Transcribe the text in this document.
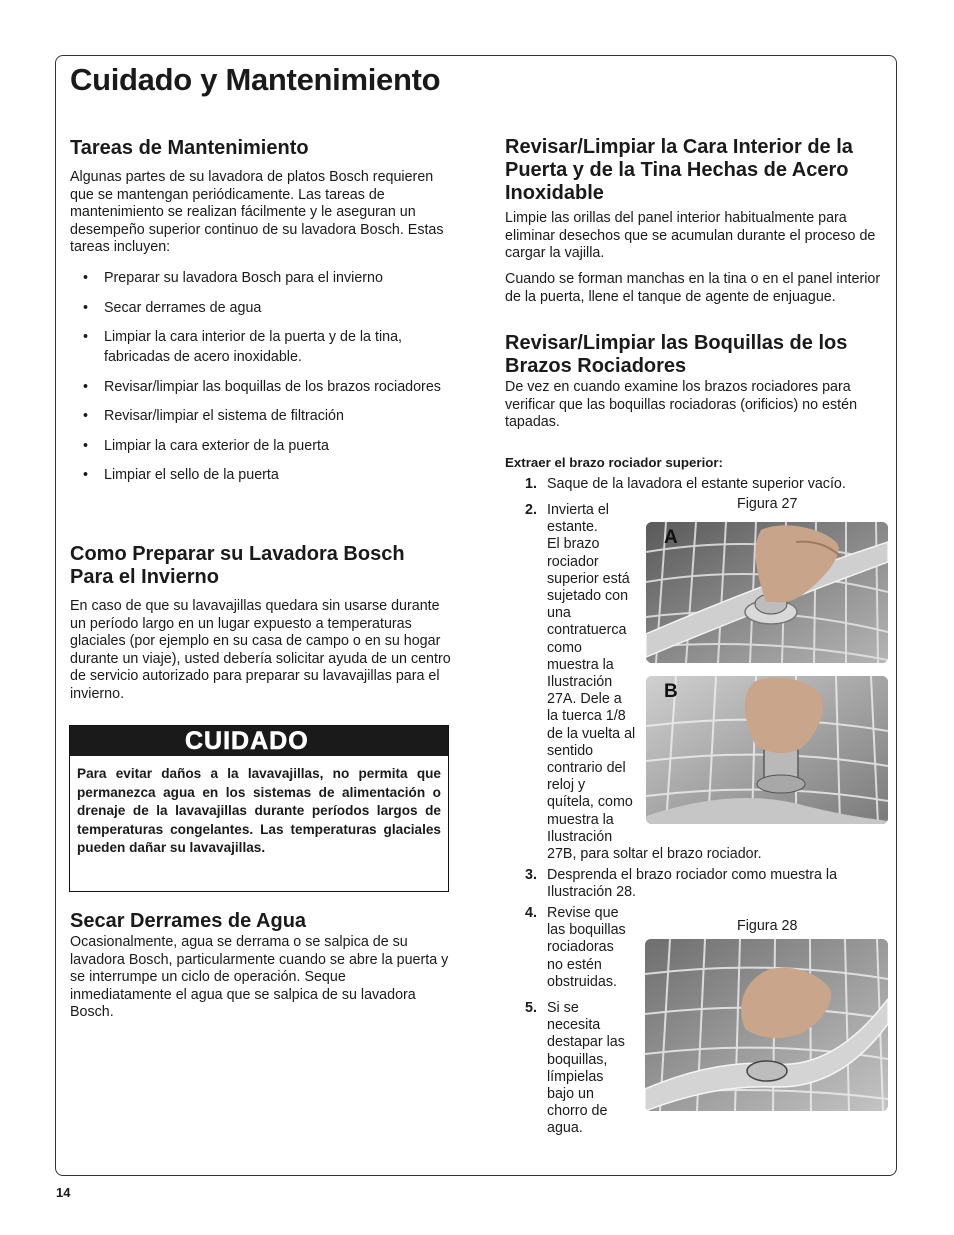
Cuidado y Mantenimiento
Tareas de Mantenimiento

Algunas partes de su lavadora de platos Bosch requieren que se mantengan periódicamente. Las tareas de mantenimiento se realizan fácilmente y le aseguran un desempeño superior continuo de su lavadora Bosch. Estas tareas incluyen:

• Preparar su lavadora Bosch para el invierno
• Secar derrames de agua
• Limpiar la cara interior de la puerta y de la tina, fabricadas de acero inoxidable.
• Revisar/limpiar las boquillas de los brazos rociadores
• Revisar/limpiar el sistema de filtración
• Limpiar la cara exterior de la puerta
• Limpiar el sello de la puerta
Como Preparar su Lavadora Bosch Para el Invierno

En caso de que su lavavajillas quedara sin usarse durante un período largo en un lugar expuesto a temperaturas glaciales (por ejemplo en su casa de campo o en su hogar durante un viaje), usted debería solicitar ayuda de un centro de servicio autorizado para preparar su lavavajillas para el invierno.

CUIDADO
Para evitar daños a la lavavajillas, no permita que permanezca agua en los sistemas de alimentación o drenaje de la lavavajillas durante períodos largos de temperaturas congelantes. Las temperaturas glaciales pueden dañar su lavavajillas.
Secar Derrames de Agua

Ocasionalmente, agua se derrama o se salpica de su lavadora Bosch, particularmente cuando se abre la puerta y se interrumpe un ciclo de operación. Seque inmediatamente el agua que se salpica de su lavadora Bosch.

Revisar/Limpiar la Cara Interior de la Puerta y de la Tina Hechas de Acero Inoxidable

Limpie las orillas del panel interior habitualmente para eliminar desechos que se acumulan durante el proceso de cargar la vajilla.

Cuando se forman manchas en la tina o en el panel interior de la puerta, llene el tanque de agente de enjuague.

Revisar/Limpiar las Boquillas de los Brazos Rociadores

De vez en cuando examine los brazos rociadores para verificar que las boquillas rociadoras (orificios) no estén tapadas.

Extraer el brazo rociador superior:

1. Saque de la lavadora el estante superior vacío.
2. Invierta el
estante.
El brazo
rociador
superior está
sujetado con
una
contratuerca
como
muestra la
Ilustración
27A. Dele a
la tuerca 1/8
de la vuelta al
sentido
contrario del
reloj y
quítela, como
muestra la
Ilustración
27B, para soltar el brazo rociador.
3. Desprenda el brazo rociador como muestra la
Ilustración 28.
4. Revise que
las boquillas
rociadoras
no estén
obstruidas.
5. Si se
necesita
destapar las
boquillas,
límpielas
bajo un
chorro de
agua.
Figura 27
A
B
Figura 28
14
